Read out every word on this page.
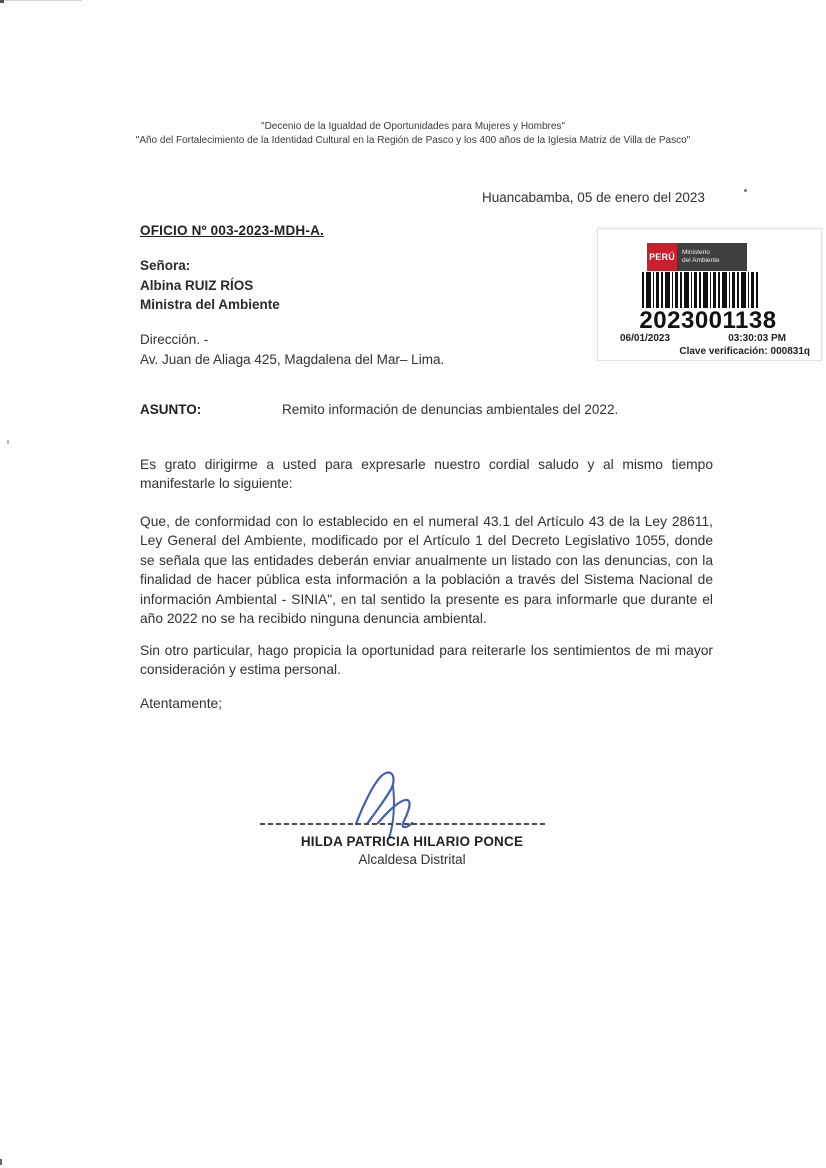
"Decenio de la Igualdad de Oportunidades para Mujeres y Hombres"
"Año del Fortalecimiento de la Identidad Cultural en la Región de Pasco y los 400 años de la Iglesia Matriz de Villa de Pasco"
Huancabamba, 05 de enero del 2023
OFICIO Nº 003-2023-MDH-A.
PERÚ	Ministerio
del Ambiente
2023001138
06/01/2023	03:30:03 PM
Clave verificación: 000831q
Señora:
Albina RUIZ RÍOS
Ministra del Ambiente
Dirección. -
Av. Juan de Aliaga 425, Magdalena del Mar– Lima.
ASUNTO:	Remito información de denuncias ambientales del 2022.
Es grato dirigirme a usted para expresarle nuestro cordial saludo y al mismo tiempo manifestarle lo siguiente:
Que, de conformidad con lo establecido en el numeral 43.1 del Artículo 43 de la Ley 28611, Ley General del Ambiente, modificado por el Artículo 1 del Decreto Legislativo 1055, donde se señala que las entidades deberán enviar anualmente un listado con las denuncias, con la finalidad de hacer pública esta información a la población a través del Sistema Nacional de información Ambiental - SINIA", en tal sentido la presente es para informarle que durante el año 2022 no se ha recibido ninguna denuncia ambiental.
Sin otro particular, hago propicia la oportunidad para reiterarle los sentimientos de mi mayor consideración y estima personal.
Atentamente;
HILDA PATRICIA HILARIO PONCE
Alcaldesa Distrital
